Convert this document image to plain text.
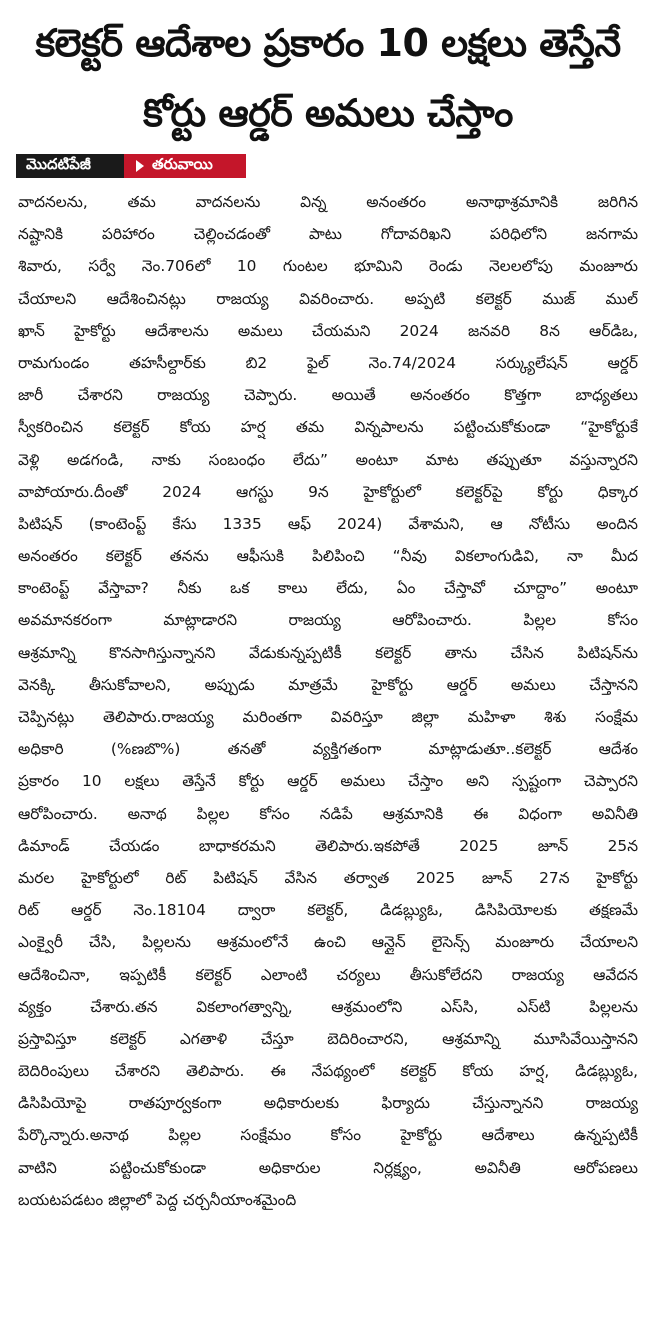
కలెక్టర్ ఆదేశాల ప్రకారం 10 లక్షలు తెస్తేనే
కోర్టు ఆర్డర్ అమలు చేస్తాం
మొదటిపేజీ	తరువాయి
వాదనలను, తమ వాదనలను విన్న అనంతరం అనాథాశ్రమానికి జరిగిన
నష్టానికి పరిహారం చెల్లించడంతో పాటు గోదావరిఖని పరిధిలోని జనగామ
శివారు, సర్వే నెం.706లో 10 గుంటల భూమిని రెండు నెలలలోపు మంజూరు
చేయాలని ఆదేశించినట్లు రాజయ్య వివరించారు. అప్పటి కలెక్టర్ ముజ్ ముల్
ఖాన్ హైకోర్టు ఆదేశాలను అమలు చేయమని 2024 జనవరి 8న ఆర్‌డిఒ,
రామగుండం తహసీల్దార్‌కు బి2 ఫైల్ నెం.74/2024 సర్క్యులేషన్ ఆర్డర్
జారీ చేశారని రాజయ్య చెప్పారు. అయితే అనంతరం కొత్తగా బాధ్యతలు
స్వీకరించిన కలెక్టర్ కోయ హర్ష తమ విన్నపాలను పట్టించుకోకుండా “హైకోర్టుకే
వెళ్లి అడగండి, నాకు సంబంధం లేదు” అంటూ మాట తప్పుతూ వస్తున్నారని
వాపోయారు.దీంతో 2024 ఆగస్టు 9న హైకోర్టులో కలెక్టర్‌పై కోర్టు ధిక్కార
పిటిషన్ (కాంటెంప్ట్ కేసు 1335 ఆఫ్ 2024) వేశామని, ఆ నోటీసు అందిన
అనంతరం కలెక్టర్ తనను ఆఫీసుకి పిలిపించి “నీవు వికలాంగుడివి, నా మీద
కాంటెంప్ట్ వేస్తావా? నీకు ఒక కాలు లేదు, ఏం చేస్తావో చూద్దాం” అంటూ
అవమానకరంగా మాట్లాడారని రాజయ్య ఆరోపించారు. పిల్లల కోసం
ఆశ్రమాన్ని కొనసాగిస్తున్నానని వేడుకున్నప్పటికీ కలెక్టర్ తాను చేసిన పిటిషన్‌ను
వెనక్కి తీసుకోవాలని, అప్పుడు మాత్రమే హైకోర్టు ఆర్డర్ అమలు చేస్తానని
చెప్పినట్లు తెలిపారు.రాజయ్య మరింతగా వివరిస్తూ జిల్లా మహిళా శిశు సంక్షేమ
అధికారి (%ణబొ%) తనతో వ్యక్తిగతంగా మాట్లాడుతూ..కలెక్టర్ ఆదేశం
ప్రకారం 10 లక్షలు తెస్తేనే కోర్టు ఆర్డర్ అమలు చేస్తాం అని స్పష్టంగా చెప్పారని
ఆరోపించారు. అనాథ పిల్లల కోసం నడిపే ఆశ్రమానికి ఈ విధంగా అవినీతి
డిమాండ్ చేయడం బాధాకరమని తెలిపారు.ఇకపోతే 2025 జూన్ 25న
మరల హైకోర్టులో రిట్ పిటిషన్ వేసిన తర్వాత 2025 జూన్ 27న హైకోర్టు
రిట్ ఆర్డర్ నెం.18104 ద్వారా కలెక్టర్, డిడబ్ల్యుఓ, డిసిపియోలకు తక్షణమే
ఎంక్వైరీ చేసి, పిల్లలను ఆశ్రమంలోనే ఉంచి ఆన్లైన్ లైసెన్స్ మంజూరు చేయాలని
ఆదేశించినా, ఇప్పటికీ కలెక్టర్ ఎలాంటి చర్యలు తీసుకోలేదని రాజయ్య ఆవేదన
వ్యక్తం చేశారు.తన వికలాంగత్వాన్ని, ఆశ్రమంలోని ఎస్‌సి, ఎస్‌టి పిల్లలను
ప్రస్తావిస్తూ కలెక్టర్ ఎగతాళి చేస్తూ బెదిరించారని, ఆశ్రమాన్ని మూసివేయిస్తానని
బెదిరింపులు చేశారని తెలిపారు. ఈ నేపథ్యంలో కలెక్టర్ కోయ హర్ష, డిడబ్ల్యుఓ,
డిసిపియోపై రాతపూర్వకంగా అధికారులకు ఫిర్యాదు చేస్తున్నానని రాజయ్య
పేర్కొన్నారు.అనాథ పిల్లల సంక్షేమం కోసం హైకోర్టు ఆదేశాలు ఉన్నప్పటికీ
వాటిని పట్టించుకోకుండా అధికారుల నిర్లక్ష్యం, అవినీతి ఆరోపణలు
బయటపడటం జిల్లాలో పెద్ద చర్చనీయాంశమైంది
